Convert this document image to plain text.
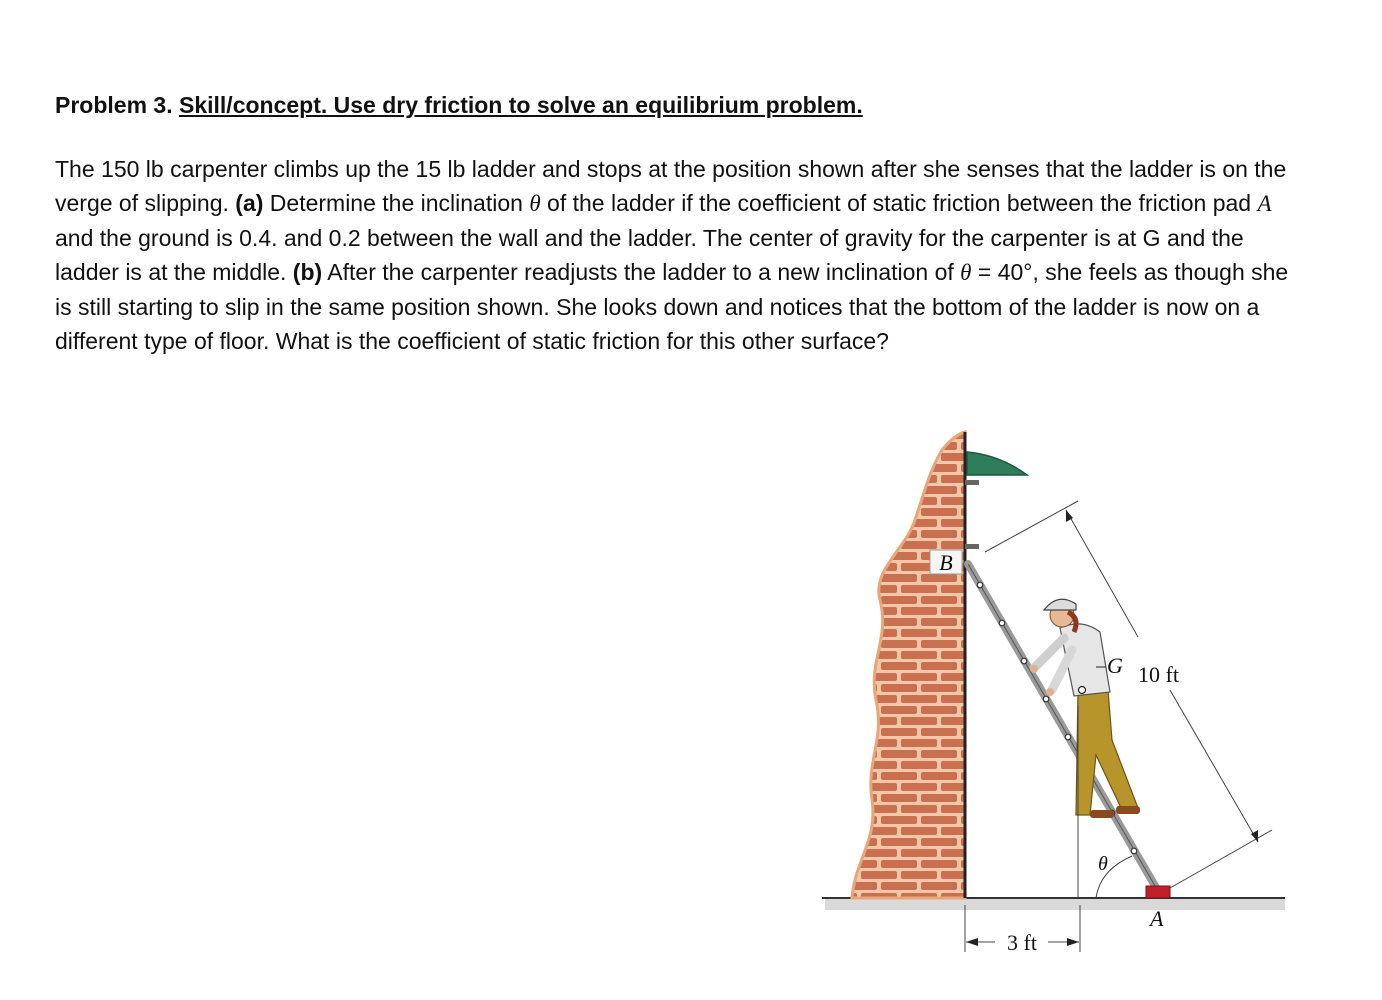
Problem 3. Skill/concept. Use dry friction to solve an equilibrium problem.

The 150 lb carpenter climbs up the 15 lb ladder and stops at the position shown after she senses that the ladder is on the verge of slipping. (a) Determine the inclination θ of the ladder if the coefficient of static friction between the friction pad A and the ground is 0.4. and 0.2 between the wall and the ladder. The center of gravity for the carpenter is at G and the ladder is at the middle. (b) After the carpenter readjusts the ladder to a new inclination of θ = 40°, she feels as though she is still starting to slip in the same position shown. She looks down and notices that the bottom of the ladder is now on a different type of floor. What is the coefficient of static friction for this other surface?

B
G 10 ft
θ
A
3 ft
